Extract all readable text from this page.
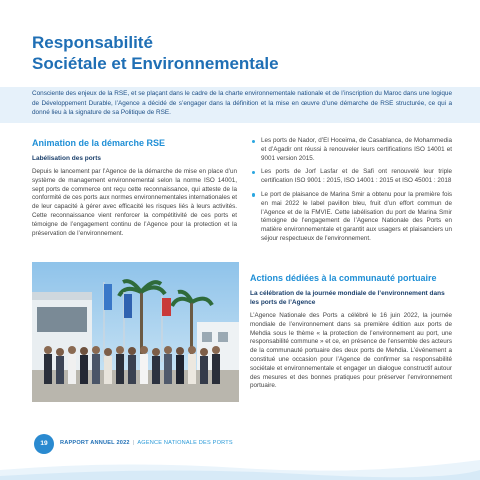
Responsabilité
Sociétale et Environnementale
Consciente des enjeux de la RSE, et se plaçant dans le cadre de la charte environnementale nationale et de l’inscription du Maroc dans une logique de Développement Durable, l’Agence a décidé de s’engager dans la définition et la mise en œuvre d’une démarche de RSE structurée, ce qui a donné lieu à la signature de sa Politique de RSE.
Animation de la démarche RSE
Labélisation des ports
Depuis le lancement par l’Agence de la démarche de mise en place d’un système de management environnemental selon la norme ISO 14001, sept ports de commerce ont reçu cette reconnaissance, qui atteste de la conformité de ces ports aux normes environnementales internationales et de leur capacité à gérer avec efficacité les risques liés à leurs activités. Cette reconnaissance vient renforcer la compétitivité de ces ports et témoigne de l’engagement continu de l’Agence pour la protection et la préservation de l’environnement.
Les ports de Nador, d’El Hoceima, de Casablanca, de Mohammedia et d’Agadir ont réussi à renouveler leurs certifications ISO 14001 et 9001 version 2015.
Les ports de Jorf Lasfar et de Safi ont renouvelé leur triple certification ISO 9001 : 2015, ISO 14001 : 2015 et ISO 45001 : 2018
Le port de plaisance de Marina Smir a obtenu pour la première fois en mai 2022 le label pavillon bleu, fruit d’un effort commun de l’Agence et de la FMVIE. Cette labélisation du port de Marina Smir témoigne de l’engagement de l’Agence Nationale des Ports en matière environnementale et garantit aux usagers et plaisanciers un séjour respectueux de l’environnement.
Actions dédiées à la communauté portuaire
La célébration de la journée mondiale de l’environnement dans les ports de l’Agence
L’Agence Nationale des Ports a célébré le 16 juin 2022, la journée mondiale de l’environnement dans sa première édition aux ports de Mehdia sous le thème « la protection de l’environnement au port, une responsabilité commune » et ce, en présence de l’ensemble des acteurs de la communauté portuaire des deux ports de Mehdia. L’événement a constitué une occasion pour l’Agence de confirmer sa responsabilité sociétale et environnementale et engager un dialogue constructif autour des mesures et des bonnes pratiques pour préserver l’environnement portuaire.
19	RAPPORT ANNUEL 2022 | AGENCE NATIONALE DES PORTS
